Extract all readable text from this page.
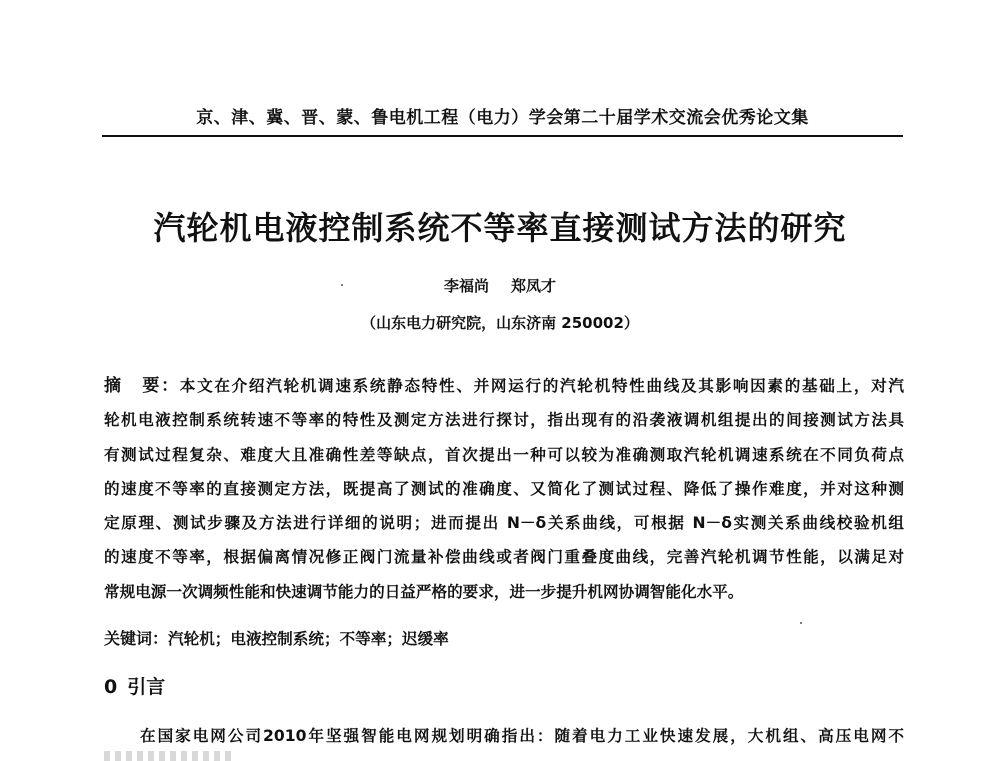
京、津、冀、晋、蒙、鲁电机工程（电力）学会第二十届学术交流会优秀论文集
汽轮机电液控制系统不等率直接测试方法的研究
李福尚 郑凤才
（山东电力研究院，山东济南 250002）
摘 要：本文在介绍汽轮机调速系统静态特性、并网运行的汽轮机特性曲线及其影响因素的基础上，对汽
轮机电液控制系统转速不等率的特性及测定方法进行探讨，指出现有的沿袭液调机组提出的间接测试方法具
有测试过程复杂、难度大且准确性差等缺点，首次提出一种可以较为准确测取汽轮机调速系统在不同负荷点
的速度不等率的直接测定方法，既提高了测试的准确度、又简化了测试过程、降低了操作难度，并对这种测
定原理、测试步骤及方法进行详细的说明；进而提出 N－δ关系曲线，可根据 N－δ实测关系曲线校验机组
的速度不等率，根据偏离情况修正阀门流量补偿曲线或者阀门重叠度曲线，完善汽轮机调节性能，以满足对
常规电源一次调频性能和快速调节能力的日益严格的要求，进一步提升机网协调智能化水平。
关键词：汽轮机；电液控制系统；不等率；迟缓率
0 引言
在国家电网公司2010年坚强智能电网规划明确指出：随着电力工业快速发展，大机组、高压电网不
